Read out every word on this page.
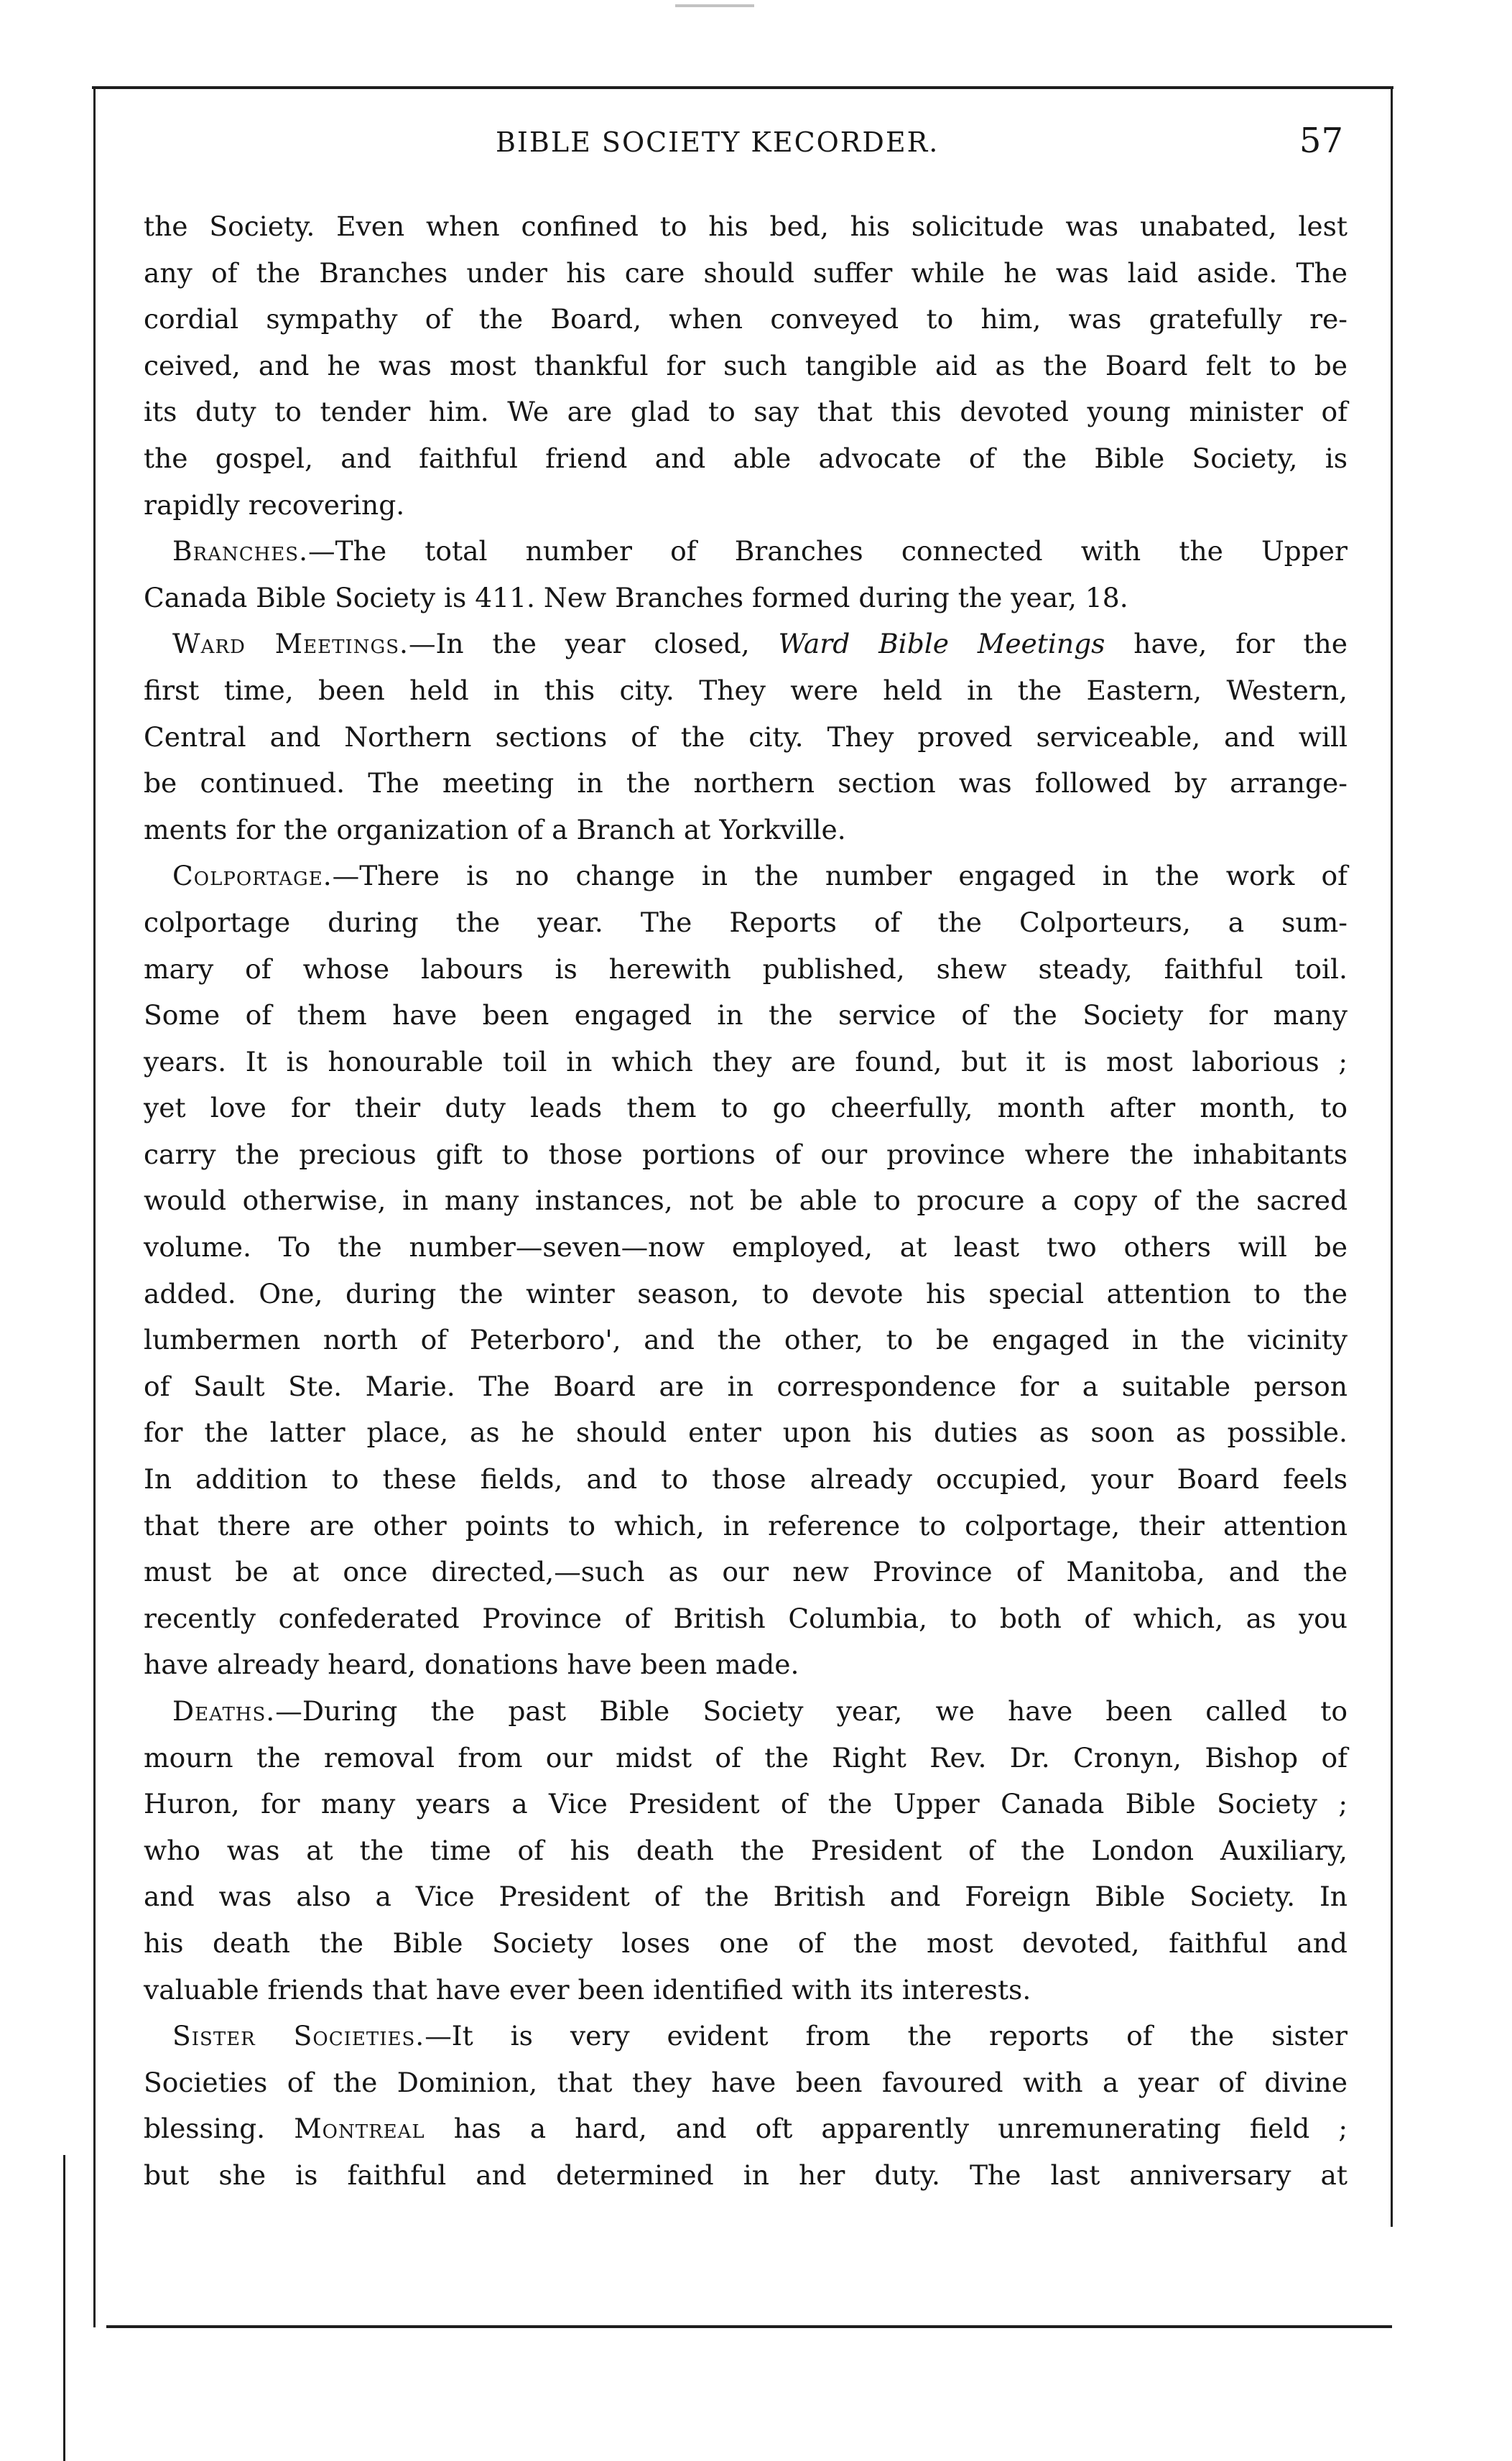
BIBLE SOCIETY KECORDER.	57
the Society. Even when confined to his bed, his solicitude was unabated, lest
any of the Branches under his care should suffer while he was laid aside. The
cordial sympathy of the Board, when conveyed to him, was gratefully re-
ceived, and he was most thankful for such tangible aid as the Board felt to be
its duty to tender him. We are glad to say that this devoted young minister of
the gospel, and faithful friend and able advocate of the Bible Society, is
rapidly recovering.
Branches.—The total number of Branches connected with the Upper
Canada Bible Society is 411. New Branches formed during the year, 18.
Ward Meetings.—In the year closed, Ward Bible Meetings have, for the
first time, been held in this city. They were held in the Eastern, Western,
Central and Northern sections of the city. They proved serviceable, and will
be continued. The meeting in the northern section was followed by arrange-
ments for the organization of a Branch at Yorkville.
Colportage.—There is no change in the number engaged in the work of
colportage during the year. The Reports of the Colporteurs, a sum-
mary of whose labours is herewith published, shew steady, faithful toil.
Some of them have been engaged in the service of the Society for many
years. It is honourable toil in which they are found, but it is most laborious ;
yet love for their duty leads them to go cheerfully, month after month, to
carry the precious gift to those portions of our province where the inhabitants
would otherwise, in many instances, not be able to procure a copy of the sacred
volume. To the number—seven—now employed, at least two others will be
added. One, during the winter season, to devote his special attention to the
lumbermen north of Peterboro', and the other, to be engaged in the vicinity
of Sault Ste. Marie. The Board are in correspondence for a suitable person
for the latter place, as he should enter upon his duties as soon as possible.
In addition to these fields, and to those already occupied, your Board feels
that there are other points to which, in reference to colportage, their attention
must be at once directed,—such as our new Province of Manitoba, and the
recently confederated Province of British Columbia, to both of which, as you
have already heard, donations have been made.
Deaths.—During the past Bible Society year, we have been called to
mourn the removal from our midst of the Right Rev. Dr. Cronyn, Bishop of
Huron, for many years a Vice President of the Upper Canada Bible Society ;
who was at the time of his death the President of the London Auxiliary,
and was also a Vice President of the British and Foreign Bible Society. In
his death the Bible Society loses one of the most devoted, faithful and
valuable friends that have ever been identified with its interests.
Sister Societies.—It is very evident from the reports of the sister
Societies of the Dominion, that they have been favoured with a year of divine
blessing. Montreal has a hard, and oft apparently unremunerating field ;
but she is faithful and determined in her duty. The last anniversary at
